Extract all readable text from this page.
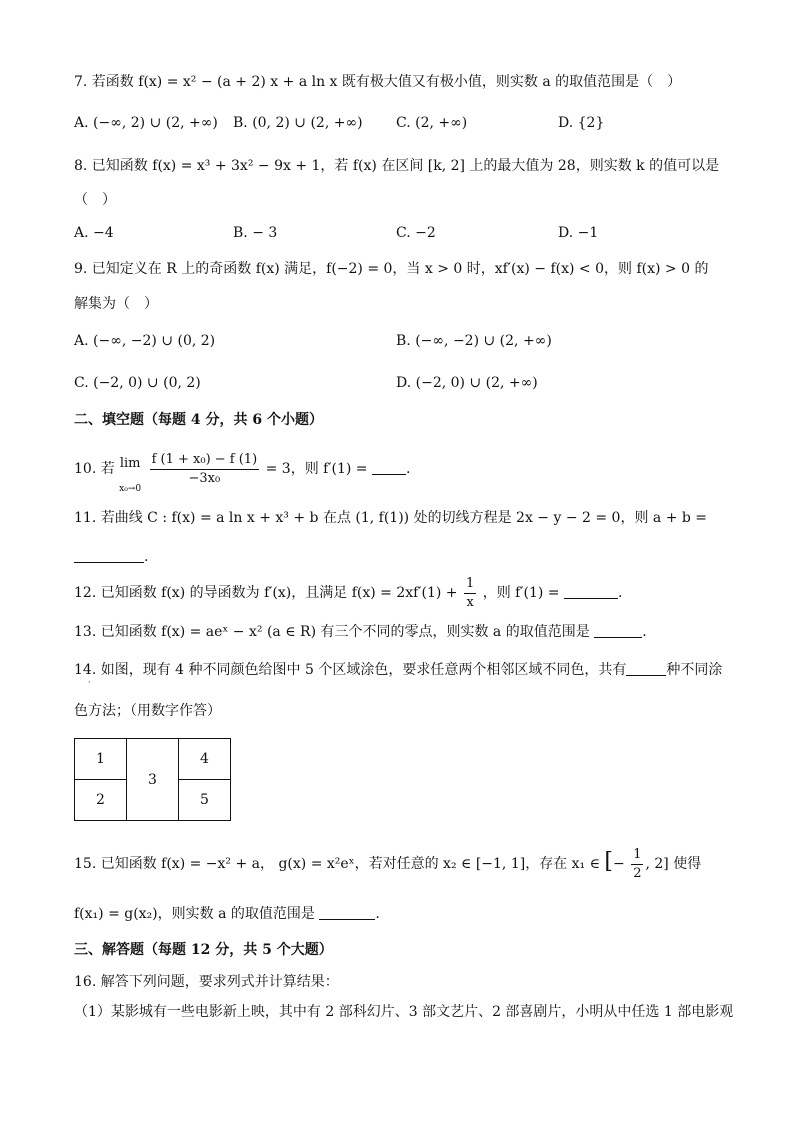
7. 若函数 f(x) = x² − (a + 2) x + a ln x 既有极大值又有极小值，则实数 a 的取值范围是（　）
A. (−∞, 2) ∪ (2, +∞) B. (0, 2) ∪ (2, +∞) C. (2, +∞)	D. {2}
8. 已知函数 f(x) = x³ + 3x² − 9x + 1，若 f(x) 在区间 [k, 2] 上的最大值为 28，则实数 k 的值可以是
（　）
A. −4	B. − 3	C. −2	D. −1
9. 已知定义在 R 上的奇函数 f(x) 满足，f(−2) = 0，当 x > 0 时，xf′(x) − f(x) < 0，则 f(x) > 0 的
解集为（　）
A. (−∞, −2) ∪ (0, 2)	B. (−∞, −2) ∪ (2, +∞)
C. (−2, 0) ∪ (0, 2)	D. (−2, 0) ∪ (2, +∞)
二、填空题（每题 4 分，共 6 个小题）
10. 若 lim
x₀→0

$\frac{\text{f (1 + x₀) − f (1)}}{\text{−3x₀}} = 3$，则 f′(1) =	.
11. 若曲线 C : f(x) = a ln x + x³ + b 在点 (1, f(1)) 处的切线方程是 2x − y − 2 = 0，则 a + b =
.
12. 已知函数 f(x) 的导函数为 f′(x)，且满足 $f(x) = 2xf'(1) + \frac{1}{x}$ ，则 f′(1) =	.
13. 已知函数 f(x) = aeˣ − x² (a ∈ R) 有三个不同的零点，则实数 a 的取值范围是	.
14. 如图，现有 4 种不同颜色给图中 5 个区域涂色，要求任意两个相邻区域不同色，共有	种不同涂
·
色方法；（用数字作答）
1	3	4
2		5
15. 已知函数 f(x) = −x² + a， g(x) = x²eˣ，若对任意的 x₂ ∈ [−1, 1]，存在 x₁ ∈ [− $\frac{1}{2}$ , 2] 使得
f(x₁) = g(x₂)，则实数 a 的取值范围是	.
三、解答题（每题 12 分，共 5 个大题）
16. 解答下列问题，要求列式并计算结果：
（1）某影城有一些电影新上映，其中有 2 部科幻片、3 部文艺片、2 部喜剧片，小明从中任选 1 部电影观
